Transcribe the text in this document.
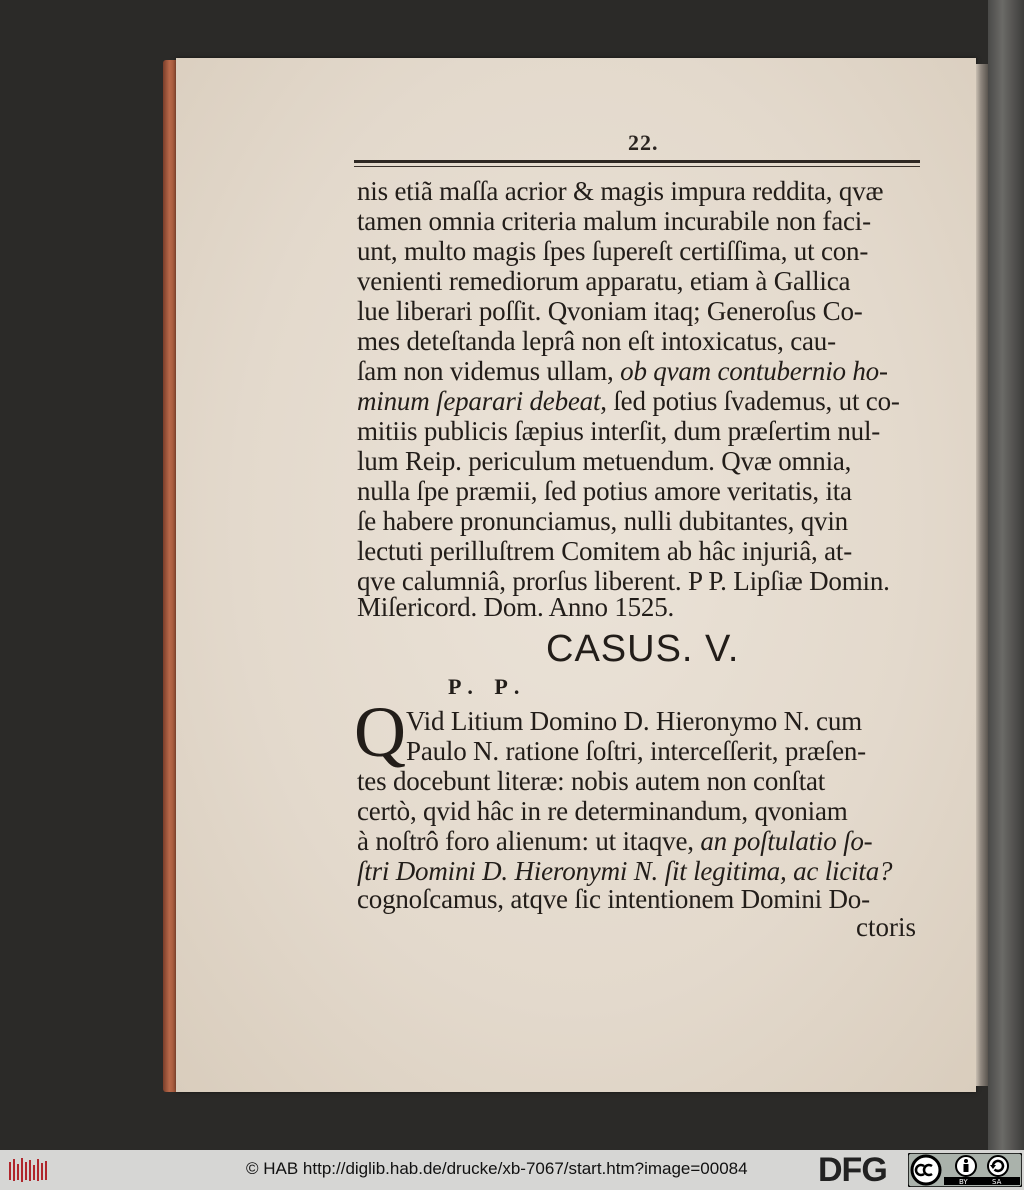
22.
nis etiã maſſa acrior & magis impura reddita, qvæ
tamen omnia criteria malum incurabile non faci-
unt, multo magis ſpes ſupereſt certiſſima, ut con-
venienti remediorum apparatu, etiam à Gallica
lue liberari poſſit. Qvoniam itaq; Generoſus Co-
mes deteſtanda leprâ non eſt intoxicatus, cau-
ſam non videmus ullam, ob qvam contubernio ho-
minum ſeparari debeat, ſed potius ſvademus, ut co-
mitiis publicis ſæpius interſit, dum præſertim nul-
lum Reip. periculum metuendum. Qvæ omnia,
nulla ſpe præmii, ſed potius amore veritatis, ita
ſe habere pronunciamus, nulli dubitantes, qvin
lectuti perilluſtrem Comitem ab hâc injuriâ, at-
qve calumniâ, prorſus liberent. P P. Lipſiæ Domin.
Miſericord. Dom. Anno 1525.
CASUS. V.
P. P.
Q Vid Litium Domino D. Hieronymo N. cum
Paulo N. ratione ſoſtri, interceſſerit, præſen-
tes docebunt literæ: nobis autem non conſtat
certò, qvid hâc in re determinandum, qvoniam
à noſtrô foro alienum: ut itaqve, an poſtulatio ſo-
ſtri Domini D. Hieronymi N. ſit legitima, ac licita?
cognoſcamus, atqve ſic intentionem Domini Do-
ctoris
© HAB http://diglib.hab.de/drucke/xb-7067/start.htm?image=00084 DFG	BY	SA
